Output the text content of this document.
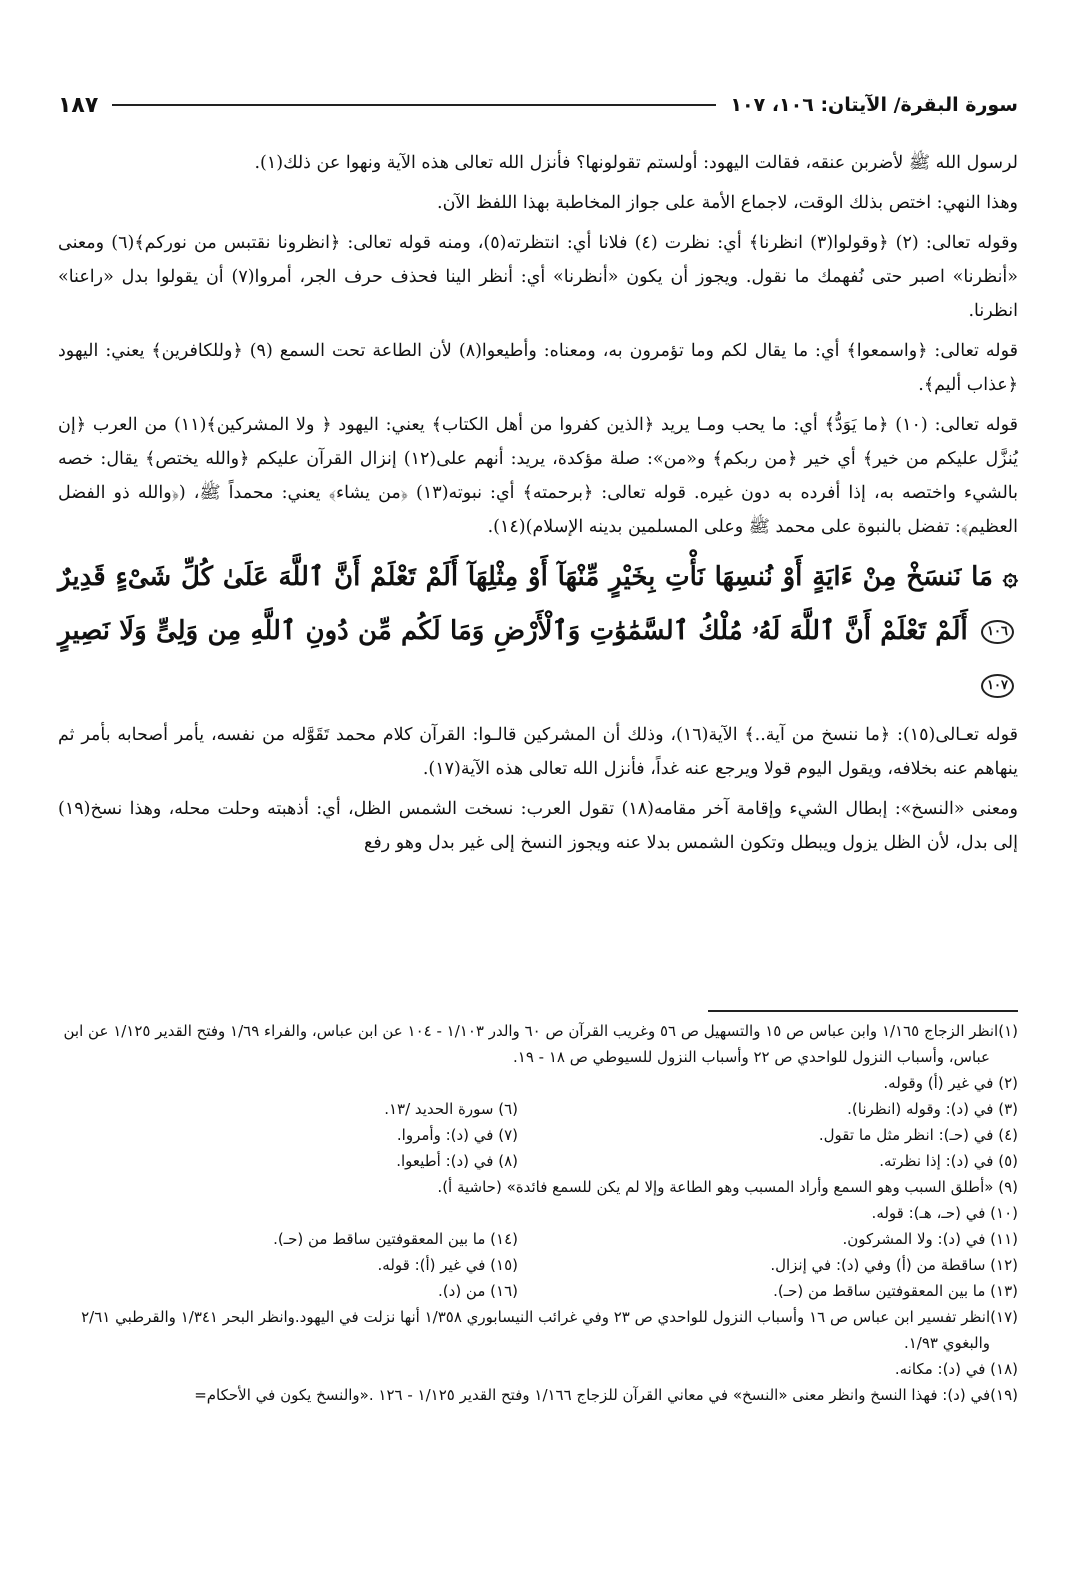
سورة البقرة/ الآيتان: ١٠٦، ١٠٧
١٨٧

لرسول الله ﷺ لأضربن عنقه، فقالت اليهود: أولستم تقولونها؟ فأنزل الله تعالى هذه الآية ونهوا عن ذلك(١).

وهذا النهي: اختص بذلك الوقت، لاجماع الأمة على جواز المخاطبة بهذا اللفظ الآن.

وقوله تعالى: (٢) ﴿وقولوا(٣) انظرنا﴾ أي: نظرت (٤) فلانا أي: انتظرته(٥)، ومنه قوله تعالى: ﴿انظرونا نقتبس من نوركم﴾(٦) ومعنى «أنظرنا» اصبر حتى نُفهمك ما نقول. ويجوز أن يكون «أنظرنا» أي: أنظر الينا فحذف حرف الجر، أمروا(٧) أن يقولوا بدل «راعنا» انظرنا.

قوله تعالى: ﴿واسمعوا﴾ أي: ما يقال لكم وما تؤمرون به، ومعناه: وأطيعوا(٨) لأن الطاعة تحت السمع (٩) ﴿وللكافرين﴾ يعني: اليهود ﴿عذاب أليم﴾.

قوله تعالى: (١٠) ﴿ما يَوَدُّ﴾ أي: ما يحب ومـا يريد ﴿الذين كفروا من أهل الكتاب﴾ يعني: اليهود ﴿ ولا المشركين﴾(١١) من العرب ﴿إن يُنزَّل عليكم من خير﴾ أي خير ﴿من ربكم﴾ و«من»: صلة مؤكدة، يريد: أنهم على(١٢) إنزال القرآن عليكم ﴿والله يختص﴾ يقال: خصه بالشيء واختصه به، إذا أفرده به دون غيره. قوله تعالى: ﴿برحمته﴾ أي: نبوته(١٣) ﴿من يشاء﴾ يعني: محمداً ﷺ، (﴿والله ذو الفضل العظيم﴾: تفضل بالنبوة على محمد ﷺ وعلى المسلمين بدينه الإسلام)(١٤).

۞ مَا نَنسَخْ مِنْ ءَايَةٍ أَوْ نُنسِهَا نَأْتِ بِخَيْرٍ مِّنْهَآ أَوْ مِثْلِهَآ أَلَمْ تَعْلَمْ أَنَّ ٱللَّهَ عَلَىٰ كُلِّ شَىْءٍ قَدِيرٌ ١٠٦ أَلَمْ تَعْلَمْ أَنَّ ٱللَّهَ لَهُۥ مُلْكُ ٱلسَّمَٰوَٰتِ وَٱلْأَرْضِ وَمَا لَكُم مِّن دُونِ ٱللَّهِ مِن وَلِىٍّ وَلَا نَصِيرٍ ١٠٧

قوله تعـالى(١٥): ﴿ما ننسخ من آية..﴾ الآية(١٦)، وذلك أن المشركين قالـوا: القرآن كلام محمد تَقَوَّله من نفسه، يأمر أصحابه بأمر ثم ينهاهم عنه بخلافه، ويقول اليوم قولا ويرجع عنه غداً، فأنزل الله تعالى هذه الآية(١٧).

ومعنى «النسخ»: إبطال الشيء وإقامة آخر مقامه(١٨) تقول العرب: نسخت الشمس الظل، أي: أذهبته وحلت محله، وهذا نسخ(١٩) إلى بدل، لأن الظل يزول ويبطل وتكون الشمس بدلا عنه ويجوز النسخ إلى غير بدل وهو رفع

(١)انظر الزجاج ١/١٦٥ وابن عباس ص ١٥ والتسهيل ص ٥٦ وغريب القرآن ص ٦٠ والدر ١/١٠٣ - ١٠٤ عن ابن عباس، والفراء ١/٦٩ وفتح القدير ١/١٢٥ عن ابن عباس، وأسباب النزول للواحدي ص ٢٢ وأسباب النزول للسيوطي ص ١٨ - ١٩.

(٢) في غير (أ) وقوله.

(٣) في (د): وقوله (انظرنا).
(٤) في (حـ): انظر مثل ما تقول.
(٥) في (د): إذا نظرته.
(٦) سورة الحديد /١٣.
(٧) في (د): وأمروا.
(٨) في (د): أطيعوا.

(٩) «أطلق السبب وهو السمع وأراد المسبب وهو الطاعة وإلا لم يكن للسمع فائدة» (حاشية أ).

(١٠) في (حـ، هـ): قوله.
(١١) في (د): ولا المشركون.
(١٢) ساقطة من (أ) وفي (د): في إنزال.
(١٣) ما بين المعقوفتين ساقط من (حـ).

(١٤) ما بين المعقوفتين ساقط من (حـ).
(١٥) في غير (أ): قوله.
(١٦) من (د).

(١٧)انظر تفسير ابن عباس ص ١٦ وأسباب النزول للواحدي ص ٢٣ وفي غرائب النيسابوري ١/٣٥٨ أنها نزلت في اليهود.وانظر البحر ١/٣٤١ والقرطبي ٢/٦١ والبغوي ١/٩٣.

(١٨) في (د): مكانه.

(١٩)في (د): فهذا النسخ وانظر معنى «النسخ» في معاني القرآن للزجاج ١/١٦٦ وفتح القدير ١/١٢٥ - ١٢٦ .«والنسخ يكون في الأحكام=
